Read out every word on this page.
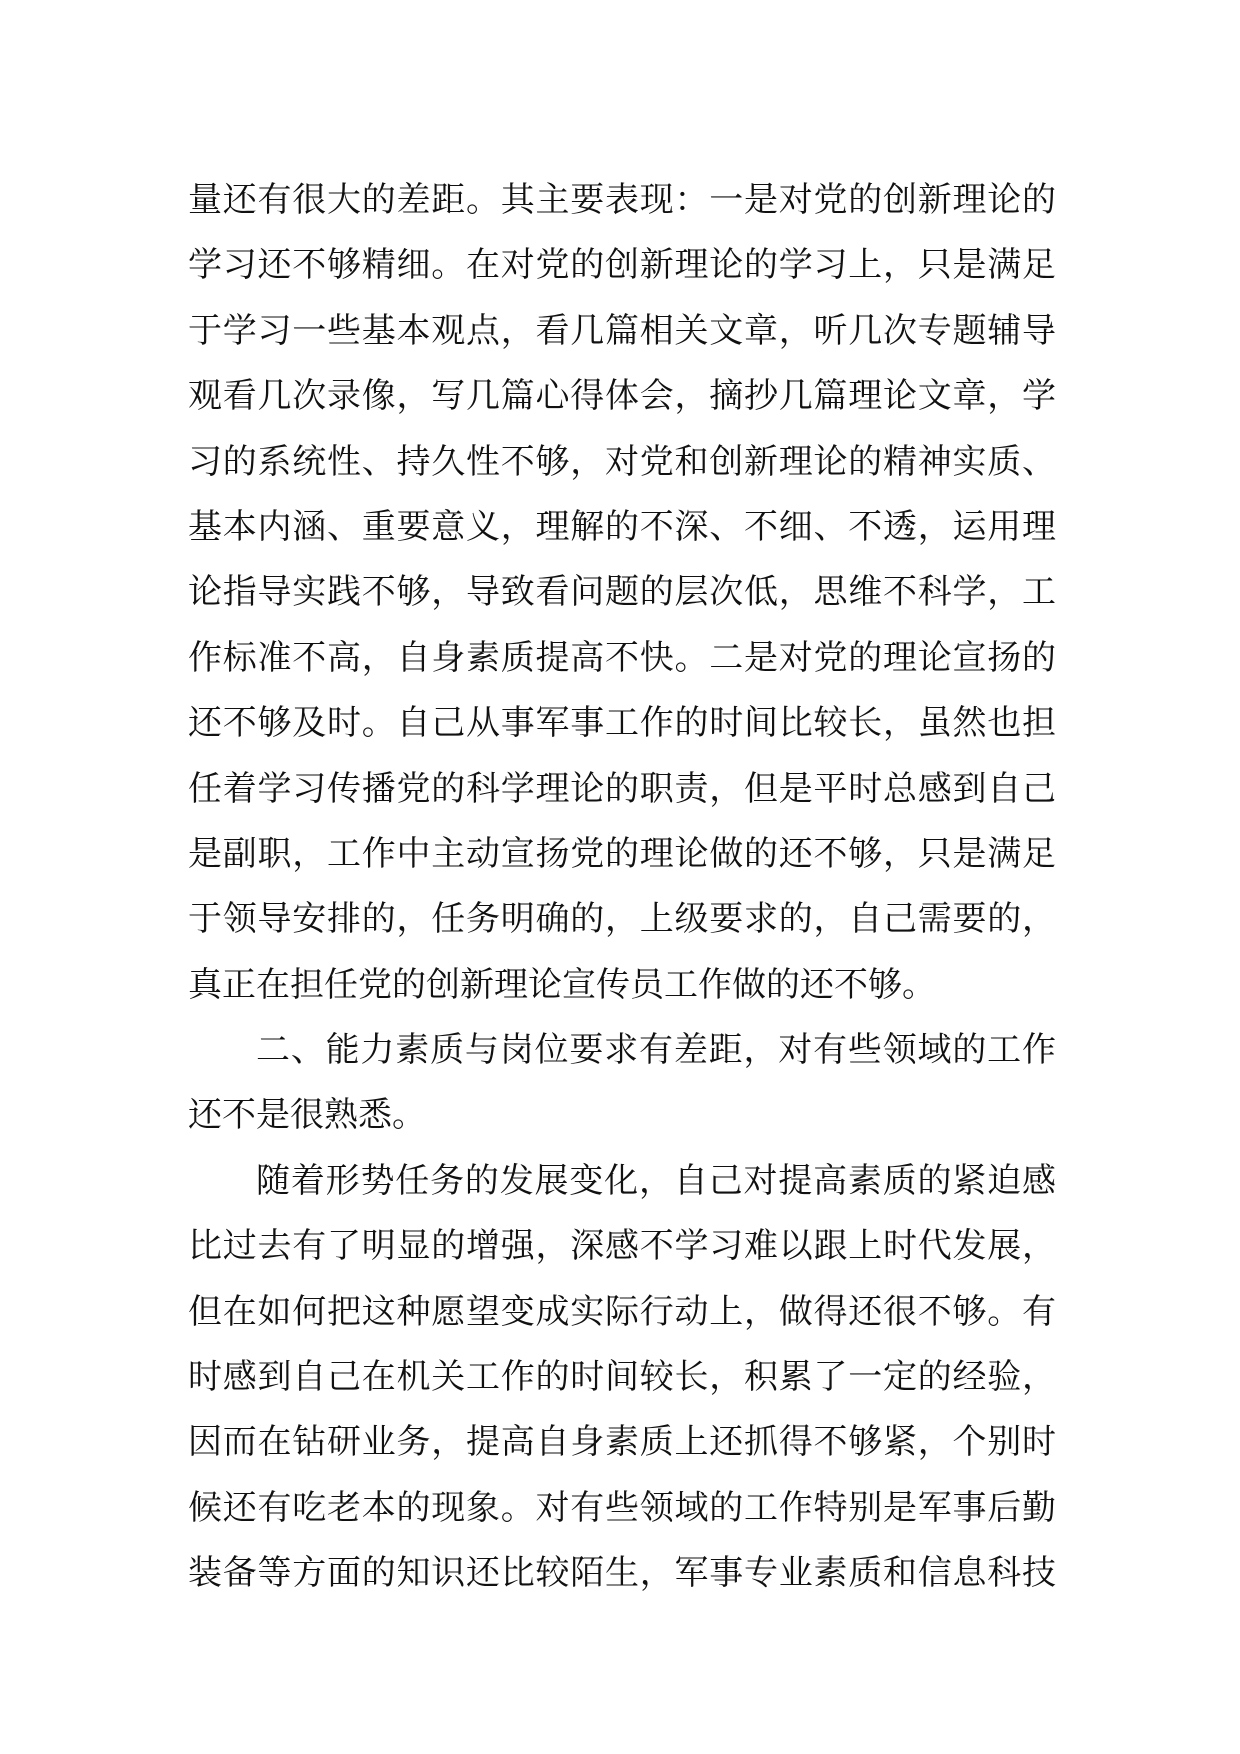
量还有很大的差距。其主要表现：一是对党的创新理论的
学习还不够精细。在对党的创新理论的学习上，只是满足
于学习一些基本观点，看几篇相关文章，听几次专题辅导
观看几次录像，写几篇心得体会，摘抄几篇理论文章，学
习的系统性、持久性不够，对党和创新理论的精神实质、
基本内涵、重要意义，理解的不深、不细、不透，运用理
论指导实践不够，导致看问题的层次低，思维不科学，工
作标准不高，自身素质提高不快。二是对党的理论宣扬的
还不够及时。自己从事军事工作的时间比较长，虽然也担
任着学习传播党的科学理论的职责，但是平时总感到自己
是副职，工作中主动宣扬党的理论做的还不够，只是满足
于领导安排的，任务明确的，上级要求的，自己需要的，
真正在担任党的创新理论宣传员工作做的还不够。
二、能力素质与岗位要求有差距，对有些领域的工作
还不是很熟悉。
随着形势任务的发展变化，自己对提高素质的紧迫感
比过去有了明显的增强，深感不学习难以跟上时代发展，
但在如何把这种愿望变成实际行动上，做得还很不够。有
时感到自己在机关工作的时间较长，积累了一定的经验，
因而在钻研业务，提高自身素质上还抓得不够紧，个别时
候还有吃老本的现象。对有些领域的工作特别是军事后勤
装备等方面的知识还比较陌生，军事专业素质和信息科技
